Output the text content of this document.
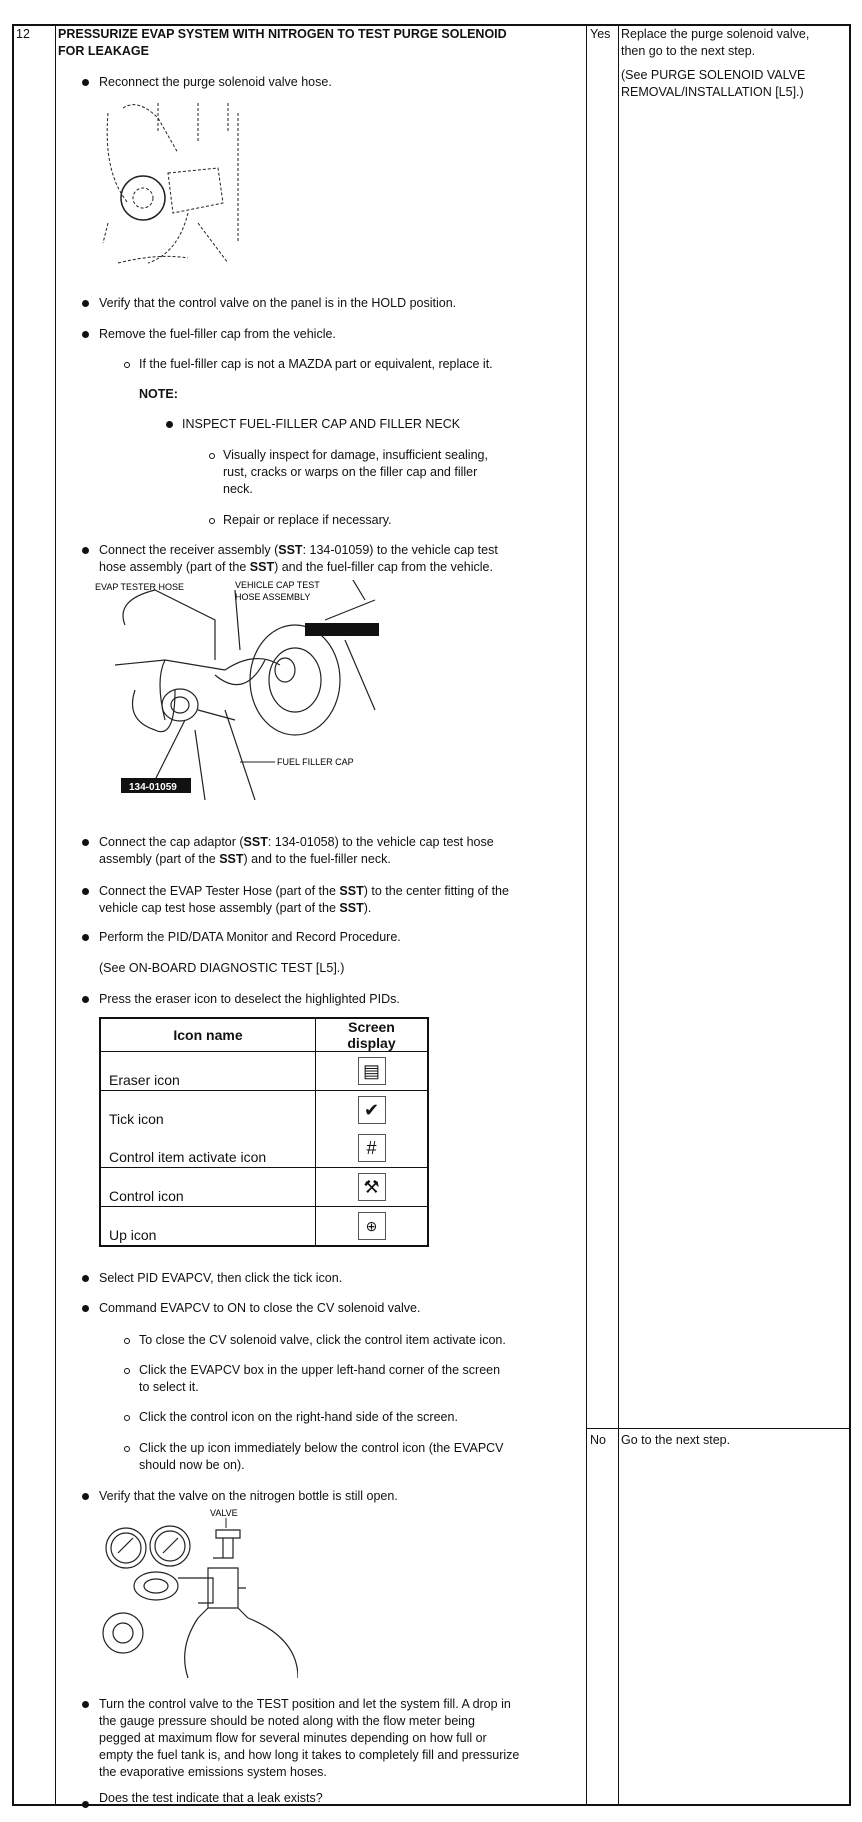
12 PRESSURIZE EVAP SYSTEM WITH NITROGEN TO TEST PURGE SOLENOID
FOR LEAKAGE
Yes Replace the purge solenoid valve,
then go to the next step.
(See PURGE SOLENOID VALVE
REMOVAL/INSTALLATION [L5].)
No Go to the next step.
Reconnect the purge solenoid valve hose.
Verify that the control valve on the panel is in the HOLD position.
Remove the fuel-filler cap from the vehicle.
If the fuel-filler cap is not a MAZDA part or equivalent, replace it.
NOTE:
INSPECT FUEL-FILLER CAP AND FILLER NECK
Visually inspect for damage, insufficient sealing,
rust, cracks or warps on the filler cap and filler
neck.
Repair or replace if necessary.
Connect the receiver assembly (SST: 134-01059) to the vehicle cap test
hose assembly (part of the SST) and the fuel-filler cap from the vehicle.
EVAP TESTER HOSE	VEHICLE CAP TEST
HOSE ASSEMBLY
FUEL FILLER CAP
134-01059
Connect the cap adaptor (SST: 134-01058) to the vehicle cap test hose
assembly (part of the SST) and to the fuel-filler neck.
Connect the EVAP Tester Hose (part of the SST) to the center fitting of the
vehicle cap test hose assembly (part of the SST).
Perform the PID/DATA Monitor and Record Procedure.
(See ON-BOARD DIAGNOSTIC TEST [L5].)
Press the eraser icon to deselect the highlighted PIDs.
Icon name	Screen display
Eraser icon	▤
Tick icon	✔
Control item activate icon	#
Control icon	⚒
Up icon	⊕
Select PID EVAPCV, then click the tick icon.
Command EVAPCV to ON to close the CV solenoid valve.
To close the CV solenoid valve, click the control item activate icon.
Click the EVAPCV box in the upper left-hand corner of the screen
to select it.
Click the control icon on the right-hand side of the screen.
Click the up icon immediately below the control icon (the EVAPCV
should now be on).
Verify that the valve on the nitrogen bottle is still open.
VALVE
Turn the control valve to the TEST position and let the system fill. A drop in
the gauge pressure should be noted along with the flow meter being
pegged at maximum flow for several minutes depending on how full or
empty the fuel tank is, and how long it takes to completely fill and pressurize
the evaporative emissions system hoses.
Does the test indicate that a leak exists?
